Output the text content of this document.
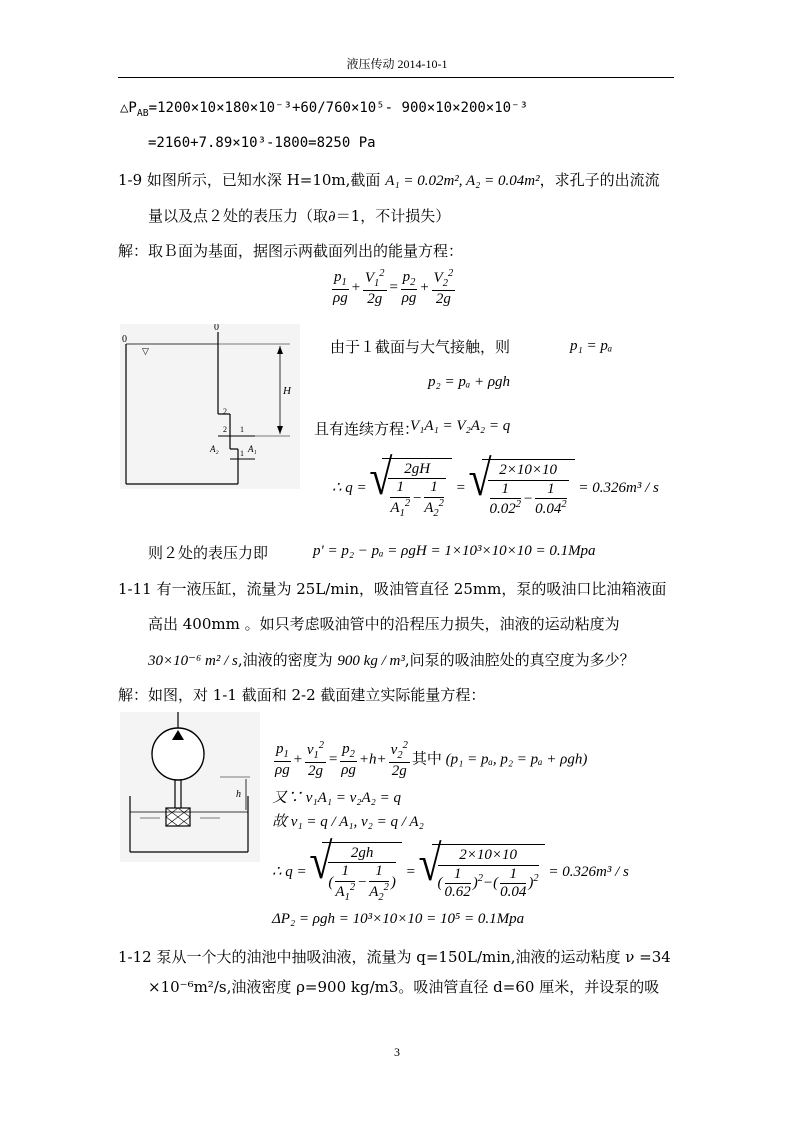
液压传动 2014-10-1
$\triangle P_{AB}=1200\times 10\times 180\times 10^{-3}+60/760\times 10^5-$ 900×10×200×10⁻³
=2160+7.89×10³-1800=8250 Pa
1-9 如图所示，已知水深 H=10m,截面 A₁ = 0.02m², A₂ = 0.04m²，求孔子的出流流
量以及点２处的表压力（取∂＝1，不计损失）
解：取Ｂ面为基面，据图示两截面列出的能量方程：
$\frac{p_1}{\rho g} + \frac{V_1^2}{2g} = \frac{p_2}{\rho g} + \frac{V_2^2}{2g}$
0
0
2
2 1
1
H
A₂	A₁
▽	由于１截面与大气接触，则	p₁ = pₐ
p₂ = pₐ + ρgh
且有连续方程：
V₁A₁ = V₂A₂ = q
∴ q = √ $\frac{2gH}{\frac{1}{A_1^2} - \frac{1}{A_2^2}}$ = √ $\frac{2\times 10\times 10}{\frac{1}{0.02^2} - \frac{1}{0.04^2}} = 0.326m^3 / s$
则２处的表压力即	p' = p₂ − pₐ = ρgH = 1×10³×10×10 = 0.1Mpa
1-11 有一液压缸，流量为 25L/min，吸油管直径 25mm，泵的吸油口比油箱液面
高出 400mm 。如只考虑吸油管中的沿程压力损失，油液的运动粘度为
30×10⁻⁶ m² / s,油液的密度为 900 kg / m³,问泵的吸油腔处的真空度为多少？
解：如图，对 1-1 截面和 2-2 截面建立实际能量方程：
h
$\frac{p_1}{\rho g} + \frac{v_1^2}{2g} = \frac{p_2}{\rho g} +h+ \frac{v_2^2}{2g}$ 其中 (p₁ = pₐ, p₂ = pₐ + ρgh)
又∵ v₁A₁ = v₂A₂ = q
故 v₁ = q / A₁, v₂ = q / A₂
∴ q = √ $\frac{2gh}{( \frac{1}{A_1^2} - \frac{1}{A_2^2} )}$ = √ $\frac{2\times 10\times 10}{( \frac{1}{0.62} )^2-( \frac{1}{0.04} )^2} = 0.326m^3 / s$
ΔP₂ = ρgh = 10³×10×10 = 10⁵ = 0.1Mpa
1-12 泵从一个大的油池中抽吸油液，流量为 q=150L/min,油液的运动粘度 ν =34
×10⁻⁶m²/s,油液密度 ρ=900 kg/m3。吸油管直径 d=60 厘米，并设泵的吸
3
